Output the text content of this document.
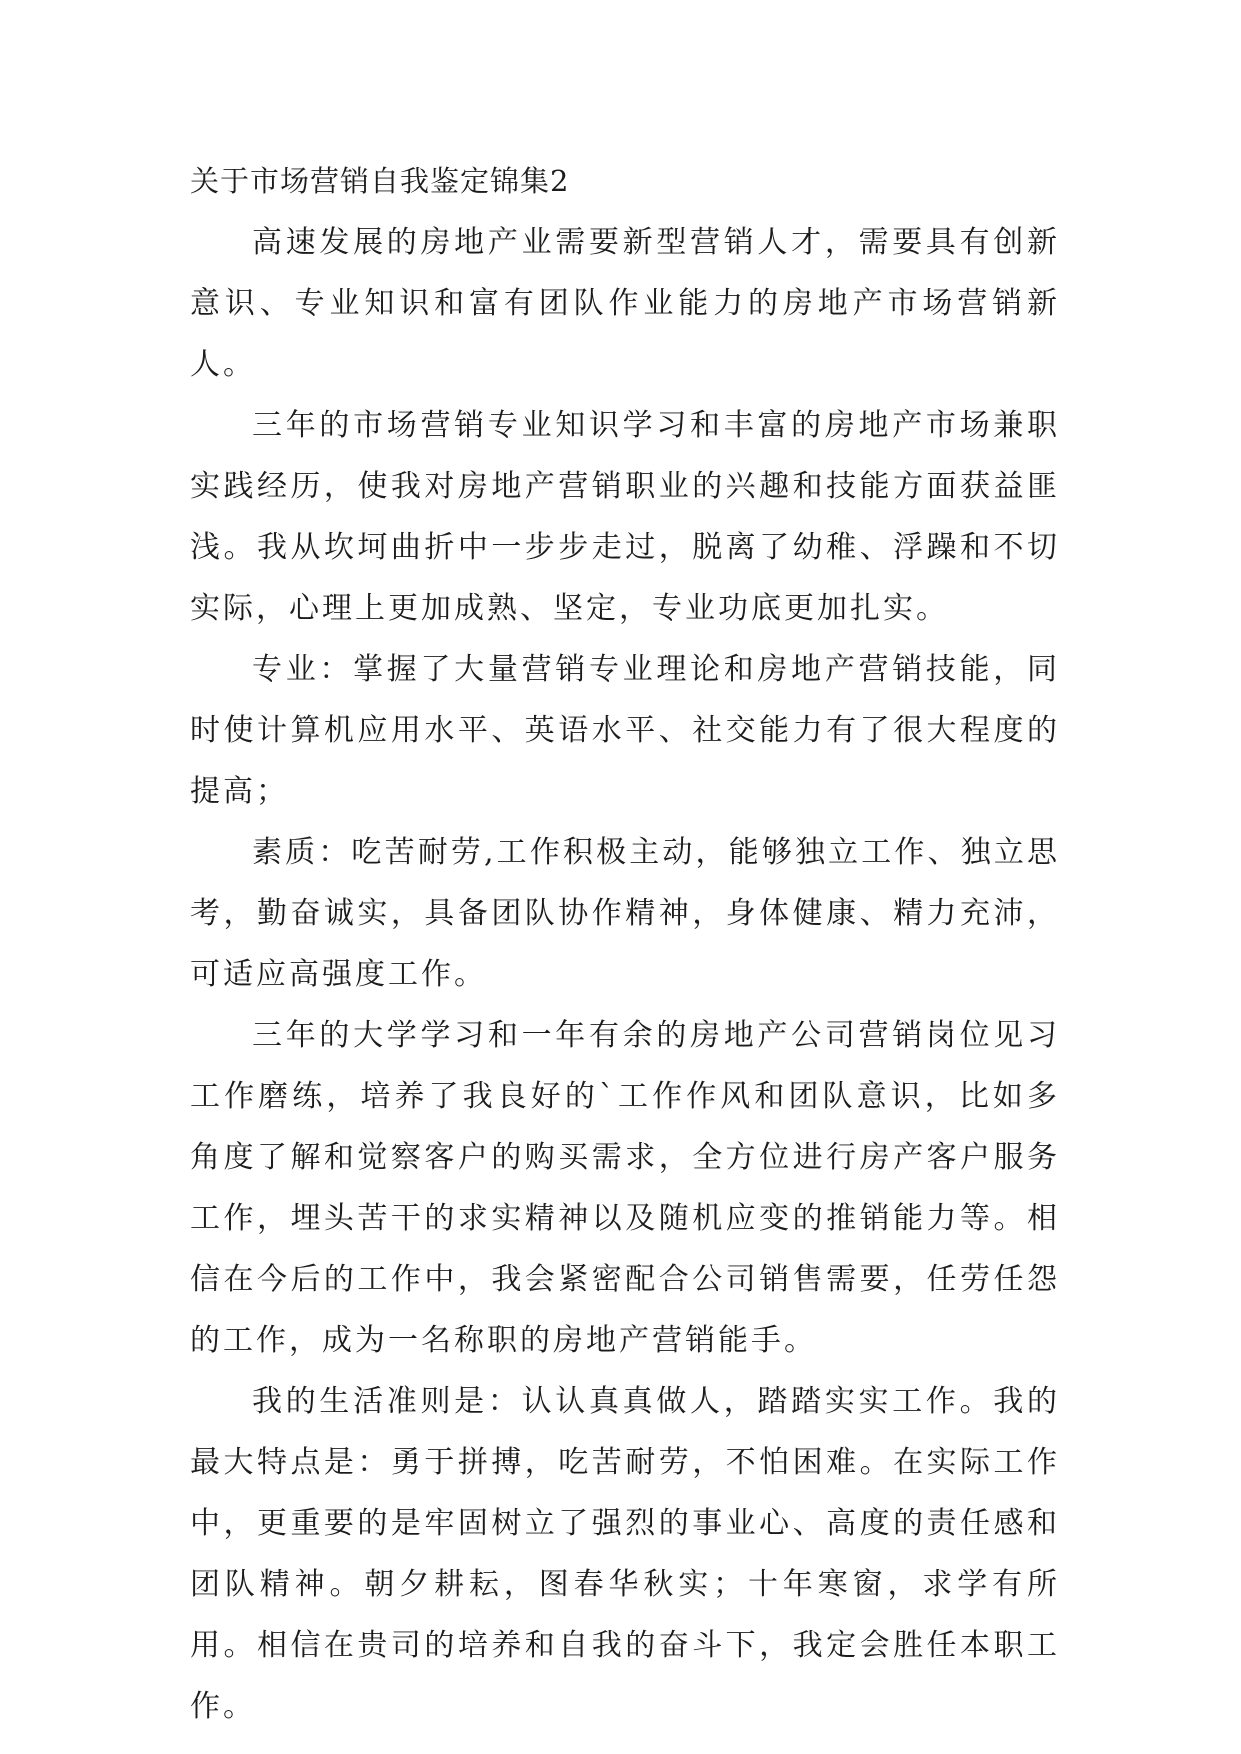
关于市场营销自我鉴定锦集2

高速发展的房地产业需要新型营销人才，需要具有创新意识、专业知识和富有团队作业能力的房地产市场营销新人。

三年的市场营销专业知识学习和丰富的房地产市场兼职实践经历，使我对房地产营销职业的兴趣和技能方面获益匪浅。我从坎坷曲折中一步步走过，脱离了幼稚、浮躁和不切实际，心理上更加成熟、坚定，专业功底更加扎实。

专业：掌握了大量营销专业理论和房地产营销技能，同时使计算机应用水平、英语水平、社交能力有了很大程度的提高；

素质：吃苦耐劳,工作积极主动，能够独立工作、独立思考，勤奋诚实，具备团队协作精神，身体健康、精力充沛，可适应高强度工作。

三年的大学学习和一年有余的房地产公司营销岗位见习工作磨练，培养了我良好的`工作作风和团队意识，比如多角度了解和觉察客户的购买需求，全方位进行房产客户服务工作，埋头苦干的求实精神以及随机应变的推销能力等。相信在今后的工作中，我会紧密配合公司销售需要，任劳任怨的工作，成为一名称职的房地产营销能手。

我的生活准则是：认认真真做人，踏踏实实工作。我的最大特点是：勇于拼搏，吃苦耐劳，不怕困难。在实际工作中，更重要的是牢固树立了强烈的事业心、高度的责任感和团队精神。朝夕耕耘，图春华秋实；十年寒窗，求学有所用。相信在贵司的培养和自我的奋斗下，我定会胜任本职工作。
